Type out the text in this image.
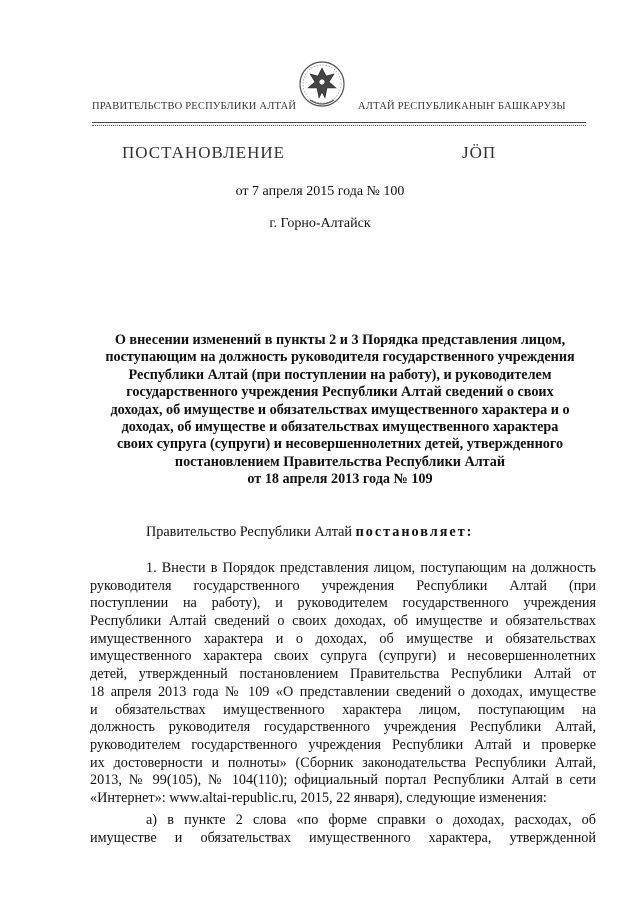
ПРАВИТЕЛЬСТВО РЕСПУБЛИКИ АЛТАЙ	АЛТАЙ РЕСПУБЛИКАНЫҤ БАШКАРУЗЫ
ПОСТАНОВЛЕНИЕ	ЈӦП
от 7 апреля 2015 года № 100
г. Горно-Алтайск
О внесении изменений в пункты 2 и 3 Порядка представления лицом,
поступающим на должность руководителя государственного учреждения
Республики Алтай (при поступлении на работу), и руководителем
государственного учреждения Республики Алтай сведений о своих
доходах, об имуществе и обязательствах имущественного характера и о
доходах, об имуществе и обязательствах имущественного характера
своих супруга (супруги) и несовершеннолетних детей, утвержденного
постановлением Правительства Республики Алтай
от 18 апреля 2013 года № 109
Правительство Республики Алтай постановляет:
1. Внести в Порядок представления лицом, поступающим на должность
руководителя государственного учреждения Республики Алтай (при
поступлении на работу), и руководителем государственного учреждения
Республики Алтай сведений о своих доходах, об имуществе и обязательствах
имущественного характера и о доходах, об имуществе и обязательствах
имущественного характера своих супруга (супруги) и несовершеннолетних
детей, утвержденный постановлением Правительства Республики Алтай от
18 апреля 2013 года № 109 «О представлении сведений о доходах, имуществе
и обязательствах имущественного характера лицом, поступающим на
должность руководителя государственного учреждения Республики Алтай,
руководителем государственного учреждения Республики Алтай и проверке
их достоверности и полноты» (Сборник законодательства Республики Алтай,
2013, № 99(105), № 104(110); официальный портал Республики Алтай в сети
«Интернет»: www.altai-republic.ru, 2015, 22 января), следующие изменения:
а) в пункте 2 слова «по форме справки о доходах, расходах, об
имуществе и обязательствах имущественного характера, утвержденной
